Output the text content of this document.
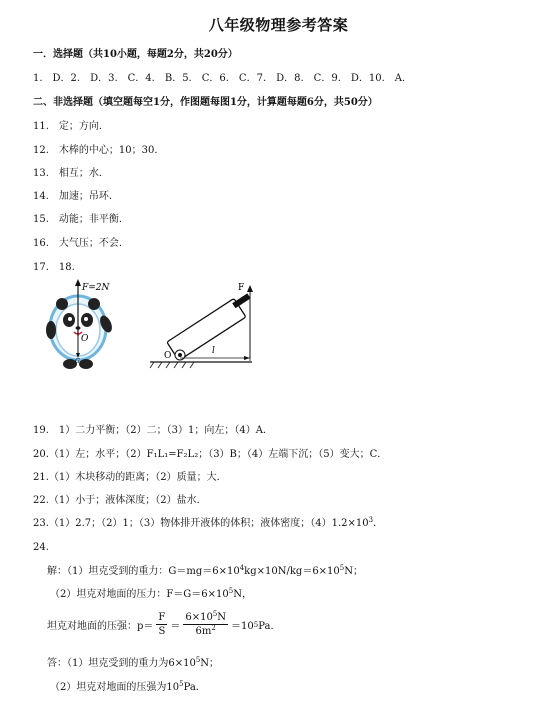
八年级物理参考答案
一．选择题（共10小题，每题2分，共20分）
1.　D．2.　D．3.　C．4.　B．5.　C．6.　C．7.　D．8.　C．9.　D．10.　A．
二、非选择题（填空题每空1分，作图题每图1分，计算题每题6分，共50分）
11.　定；方向．
12.　木棒的中心；10；30．
13.　相互；水．
14.　加速；吊环．
15.　动能；非平衡．
16.　大气压；不会．
17.　18.
F=2N
O
G
F
O	l
19.　1）二力平衡；（2）二；（3）1；向左；（4）A．
20.（1）左；水平；（2）F₁L₁=F₂L₂；（3）B；（4）左端下沉；（5）变大；C．
21.（1）木块移动的距离；（2）质量；大．
22.（1）小于；液体深度；（2）盐水．
23.（1）2.7；（2）1；（3）物体排开液体的体积；液体密度；$(4)1.2\times 10^3$．
24.
解：（1）坦克受到的重力：$G=mg=6\times 10^4kg\times 10N/kg=6\times 10^5N$；
（2）坦克对地面的压力：$F=G=6\times 10^5N$，
坦克对地面的压强：$p= \frac{F}{S} = \frac{6\times 10^5N}{6m^2} =10$ 5 Pa．
答：（1）坦克受到的重力为$6\times 10^5N$；
（2）坦克对地面的压强为$10^5Pa$．
